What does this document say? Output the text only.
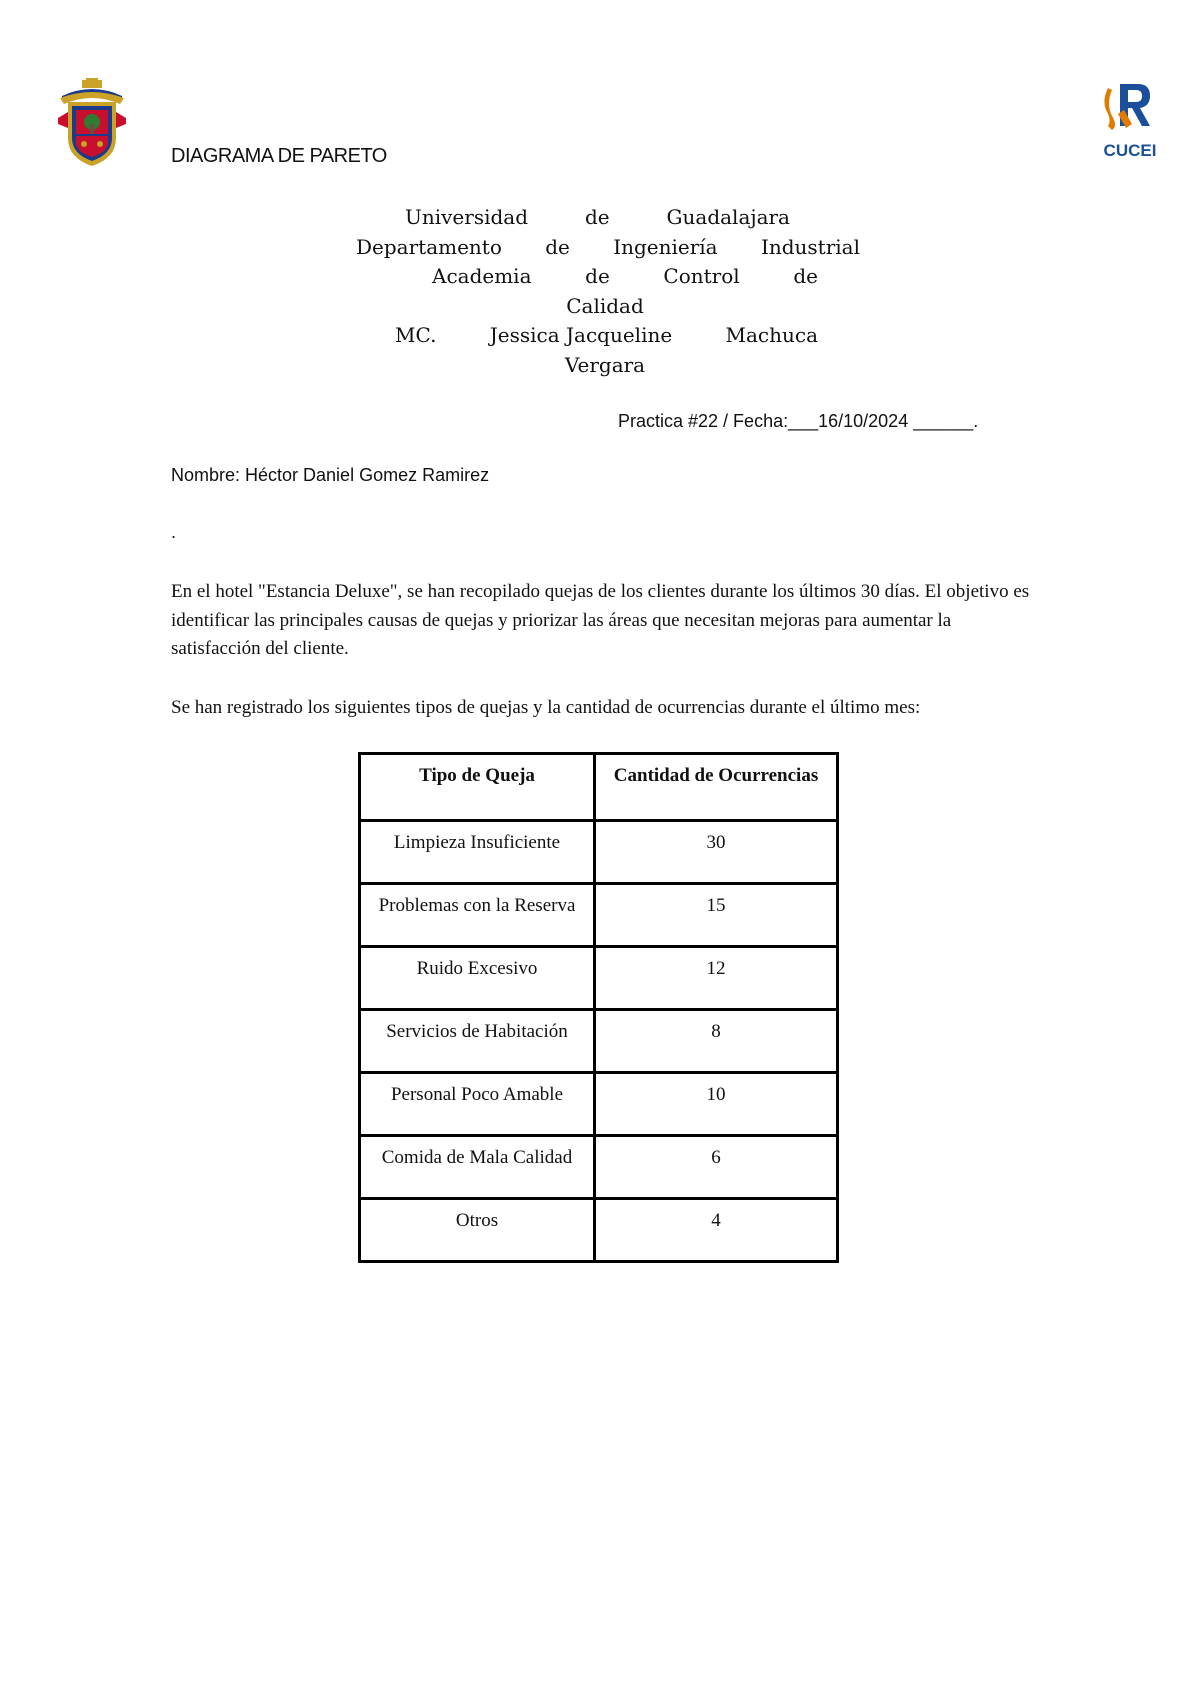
CUCEI
DIAGRAMA DE PARETO
Universidad	de	Guadalajara
Departamento de Ingeniería Industrial
Academia	de	Control	de
Calidad
MC.	Jessica Jacqueline	Machuca
Vergara
Practica #22 / Fecha:___16/10/2024 ______.
Nombre: Héctor Daniel Gomez Ramirez
.
En el hotel "Estancia Deluxe", se han recopilado quejas de los clientes durante los últimos 30 días. El objetivo es identificar las principales causas de quejas y priorizar las áreas que necesitan mejoras para aumentar la satisfacción del cliente.
Se han registrado los siguientes tipos de quejas y la cantidad de ocurrencias durante el último mes:
Tipo de Queja	Cantidad de Ocurrencias
Limpieza Insuficiente	30
Problemas con la Reserva	15
Ruido Excesivo	12
Servicios de Habitación	8
Personal Poco Amable	10
Comida de Mala Calidad	6
Otros	4
